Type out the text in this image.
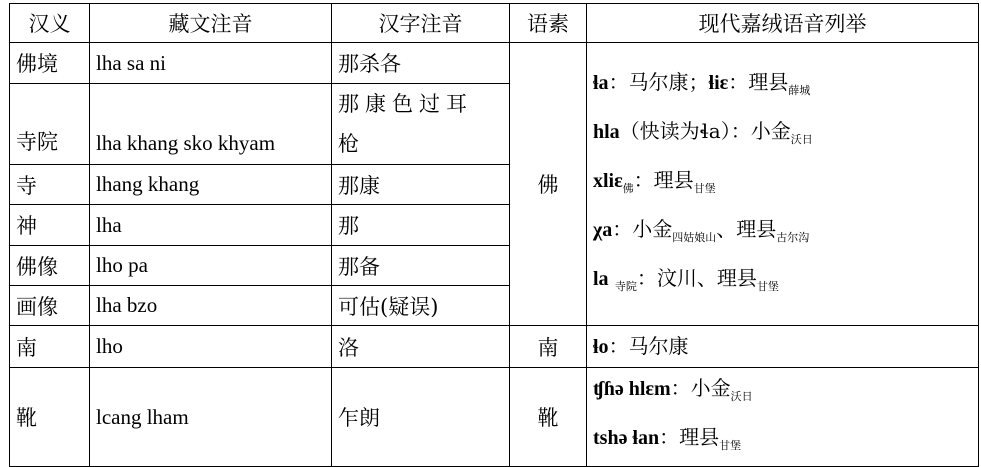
汉义	藏文注音	汉字注音	语素	现代嘉绒语音列举
佛境	lha sa ni	那杀各	佛	ɬa：马尔康；ɬiɛ：理县$_{薛城}$
hla（快读为ɬa）：小金$_{沃日}$
xliɛ$_佛$：理县$_{甘堡}$
χa：小金$_{四姑娘山}$、理县$_{古尔沟}$
la $_{寺院}$：汶川、理县$_{甘堡}$

寺院	lha khang sko khyam	那康色过耳
枪		

寺	lhang khang	那康		
神	lha	那		
佛像	lho pa	那备		
画像	lha bzo	可估(疑误)		
南	lho	洛	南	ɬo：马尔康

靴	lcang lham	乍朗	靴	ʧɦə hlɛm：小金$_{沃日}$
tshə ɬan：理县$_{甘堡}$
